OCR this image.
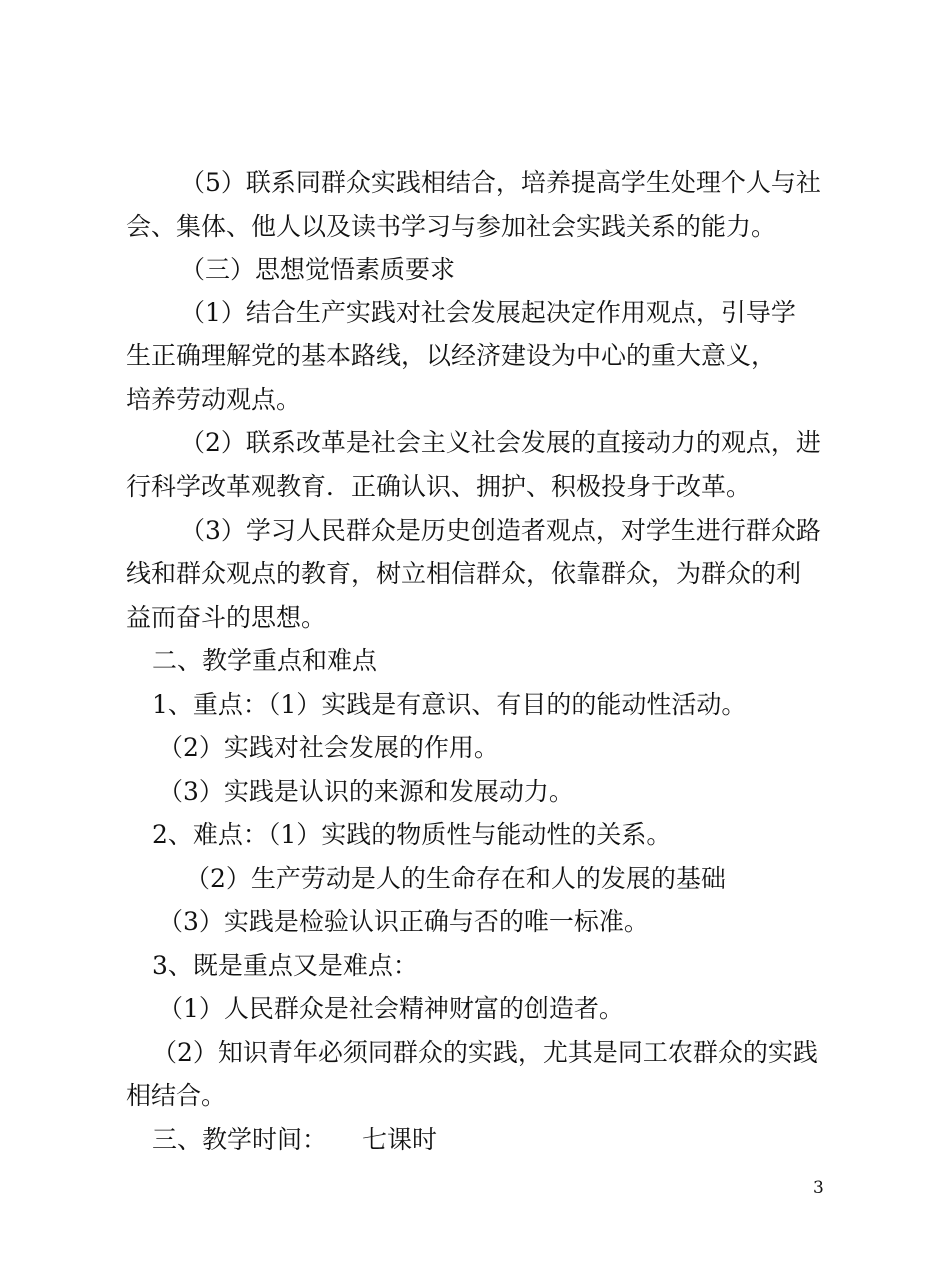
（5）联系同群众实践相结合，培养提高学生处理个人与社
会、集体、他人以及读书学习与参加社会实践关系的能力。
（三）思想觉悟素质要求
（1）结合生产实践对社会发展起决定作用观点，引导学
生正确理解党的基本路线，以经济建设为中心的重大意义，
培养劳动观点。
（2）联系改革是社会主义社会发展的直接动力的观点，进
行科学改革观教育．正确认识、拥护、积极投身于改革。
（3）学习人民群众是历史创造者观点，对学生进行群众路
线和群众观点的教育，树立相信群众，依靠群众，为群众的利
益而奋斗的思想。
二、教学重点和难点
1、重点：（1）实践是有意识、有目的的能动性活动。
（2）实践对社会发展的作用。
（3）实践是认识的来源和发展动力。
2、难点：（1）实践的物质性与能动性的关系。
（2）生产劳动是人的生命存在和人的发展的基础
（3）实践是检验认识正确与否的唯一标准。
3、既是重点又是难点：
（1）人民群众是社会精神财富的创造者。
（2）知识青年必须同群众的实践，尤其是同工农群众的实践
相结合。
三、教学时间： 七课时
3
